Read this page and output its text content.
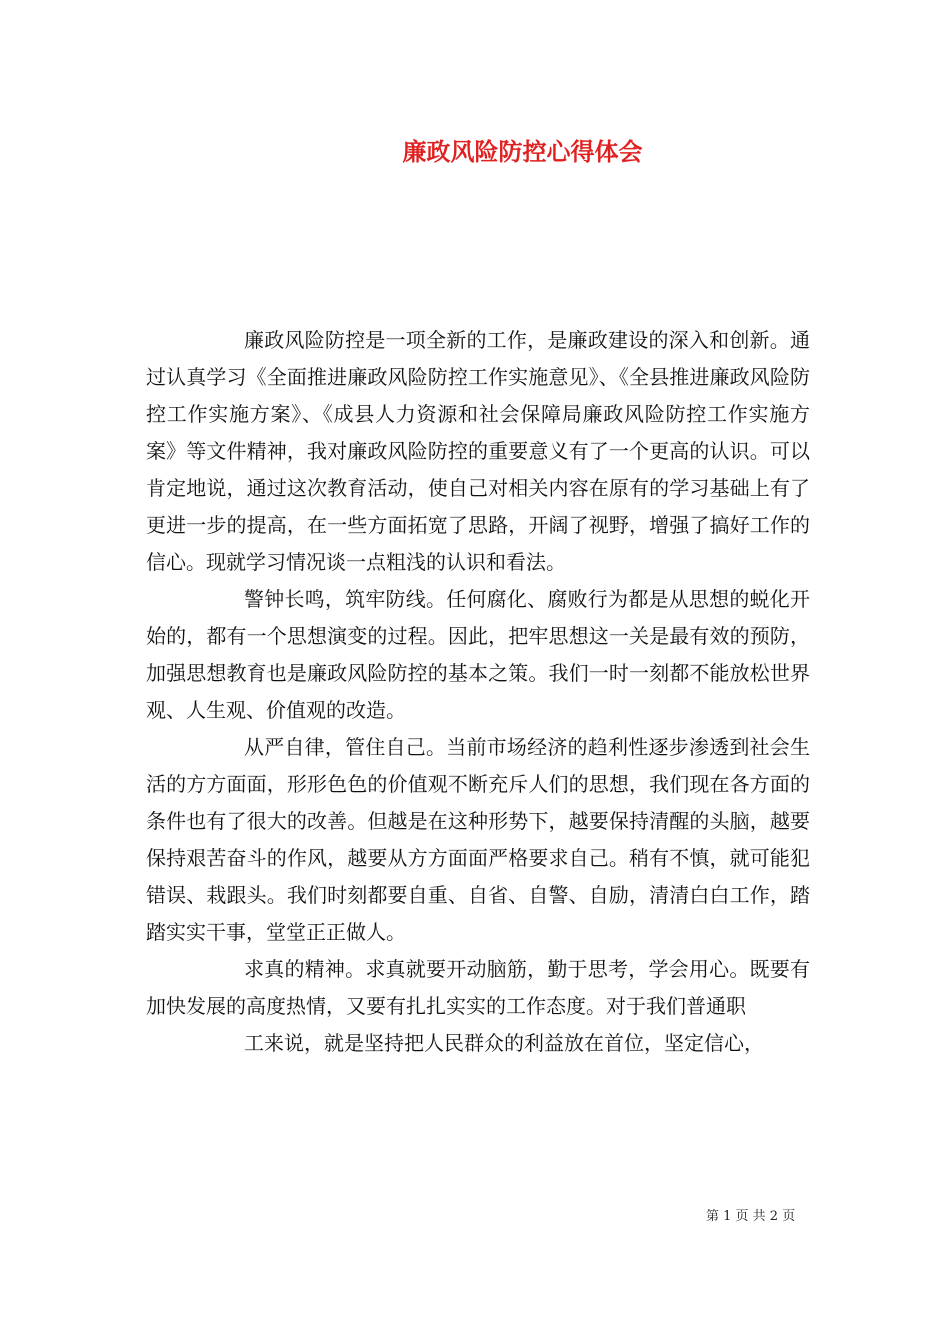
廉政风险防控心得体会

廉政风险防控是一项全新的工作，是廉政建设的深入和创新。通过认真学习《全面推进廉政风险防控工作实施意见》、《全县推进廉政风险防控工作实施方案》、《成县人力资源和社会保障局廉政风险防控工作实施方案》等文件精神，我对廉政风险防控的重要意义有了一个更高的认识。可以肯定地说，通过这次教育活动，使自己对相关内容在原有的学习基础上有了更进一步的提高，在一些方面拓宽了思路，开阔了视野，增强了搞好工作的信心。现就学习情况谈一点粗浅的认识和看法。

警钟长鸣，筑牢防线。任何腐化、腐败行为都是从思想的蜕化开始的，都有一个思想演变的过程。因此，把牢思想这一关是最有效的预防，加强思想教育也是廉政风险防控的基本之策。我们一时一刻都不能放松世界观、人生观、价值观的改造。

从严自律，管住自己。当前市场经济的趋利性逐步渗透到社会生活的方方面面，形形色色的价值观不断充斥人们的思想，我们现在各方面的条件也有了很大的改善。但越是在这种形势下，越要保持清醒的头脑，越要保持艰苦奋斗的作风，越要从方方面面严格要求自己。稍有不慎，就可能犯错误、栽跟头。我们时刻都要自重、自省、自警、自励，清清白白工作，踏踏实实干事，堂堂正正做人。

求真的精神。求真就要开动脑筋，勤于思考，学会用心。既要有加快发展的高度热情，又要有扎扎实实的工作态度。对于我们普通职

工来说，就是坚持把人民群众的利益放在首位，坚定信心，

第 1 页 共 2 页
